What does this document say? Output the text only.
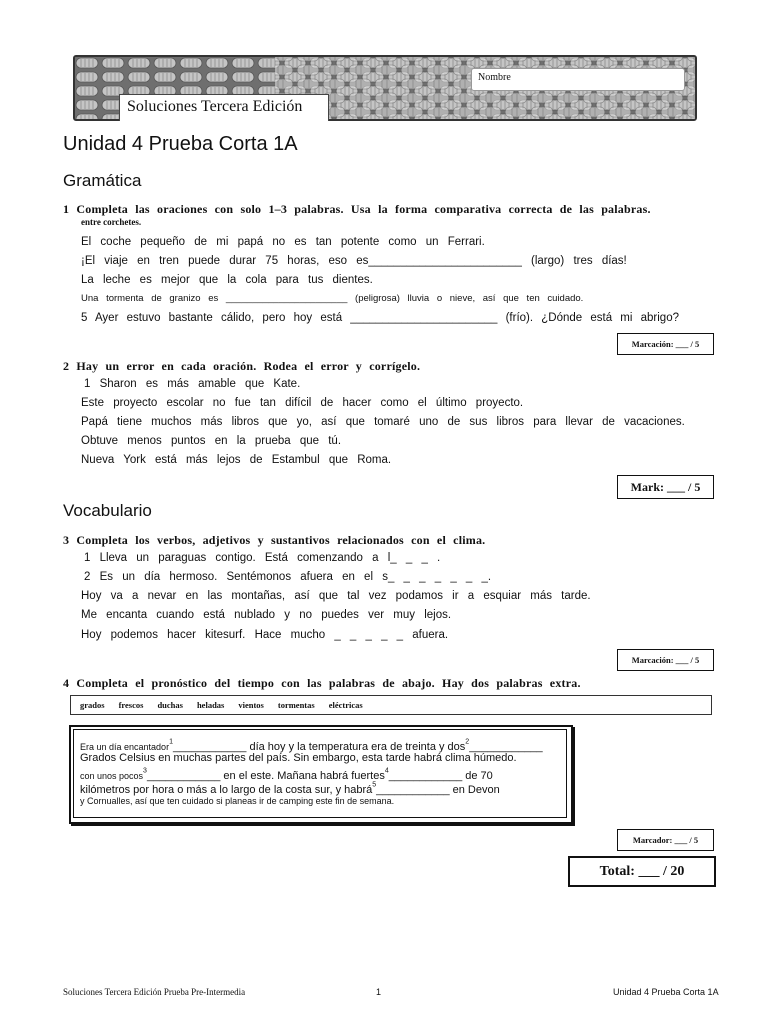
Nombre
Soluciones Tercera Edición
Unidad 4 Prueba Corta 1A
Gramática
1 Completa las oraciones con solo 1–3 palabras. Usa la forma comparativa correcta de las palabras.
entre corchetes.
El coche pequeño de mi papá no es tan potente como un Ferrari.
¡El viaje en tren puede durar 75 horas, eso es________________________ (largo) tres días!
La leche es mejor que la cola para tus dientes.
Una tormenta de granizo es _______________________ (peligrosa) lluvia o nieve, así que ten cuidado.
5 Ayer estuvo bastante cálido, pero hoy está _______________________ (frío). ¿Dónde está mi abrigo?
Marcación: ___ / 5
2 Hay un error en cada oración. Rodea el error y corrígelo.
1 Sharon es más amable que Kate.
Este proyecto escolar no fue tan difícil de hacer como el último proyecto.
Papá tiene muchos más libros que yo, así que tomaré uno de sus libros para llevar de vacaciones.
Obtuve menos puntos en la prueba que tú.
Nueva York está más lejos de Estambul que Roma.
Mark: ___ / 5
Vocabulario
3 Completa los verbos, adjetivos y sustantivos relacionados con el clima.
1 Lleva un paraguas contigo. Está comenzando a l_ _ _ .
2 Es un día hermoso. Sentémonos afuera en el s_ _ _ _ _ _ _.
Hoy va a nevar en las montañas, así que tal vez podamos ir a esquiar más tarde.
Me encanta cuando está nublado y no puedes ver muy lejos.
Hoy podemos hacer kitesurf. Hace mucho _ _ _ _ _ afuera.
Marcación: ___ / 5
4 Completa el pronóstico del tiempo con las palabras de abajo. Hay dos palabras extra.
grados frescos duchas heladas vientos tormentas eléctricas
Era un día encantador$^1$____________ día hoy y la temperatura era de treinta y dos$^2$____________
Grados Celsius en muchas partes del país. Sin embargo, esta tarde habrá clima húmedo.
con unos pocos$^3$____________ en el este. Mañana habrá fuertes$^4$____________ de 70
kilómetros por hora o más a lo largo de la costa sur, y habrá$^5$____________ en Devon
y Cornualles, así que ten cuidado si planeas ir de camping este fin de semana.
Marcador: ___ / 5
Total: ___ / 20
Soluciones Tercera Edición Prueba Pre-Intermedia	1	Unidad 4 Prueba Corta 1A
